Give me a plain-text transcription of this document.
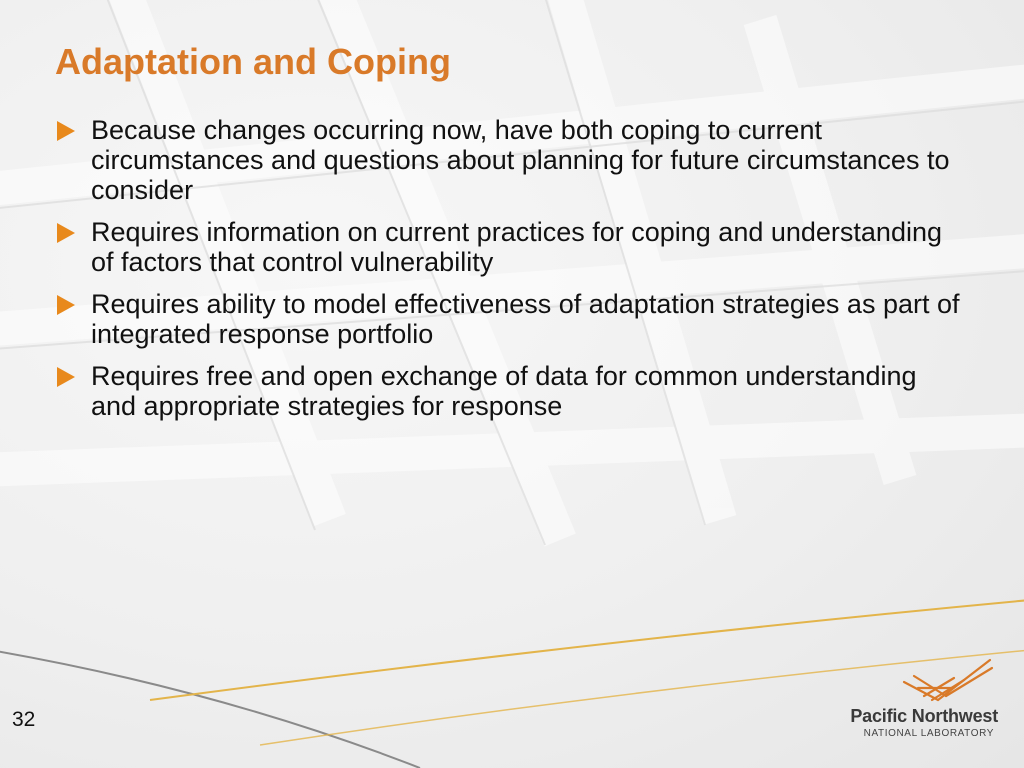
Adaptation and Coping
Because changes occurring now, have both coping to current circumstances and questions about planning for future circumstances to consider
Requires information on current practices for coping and understanding of factors that control vulnerability
Requires ability to model effectiveness of adaptation strategies as part of integrated response portfolio
Requires free and open exchange of data for common understanding and appropriate strategies for response
32	Pacific Northwest
NATIONAL LABORATORY
